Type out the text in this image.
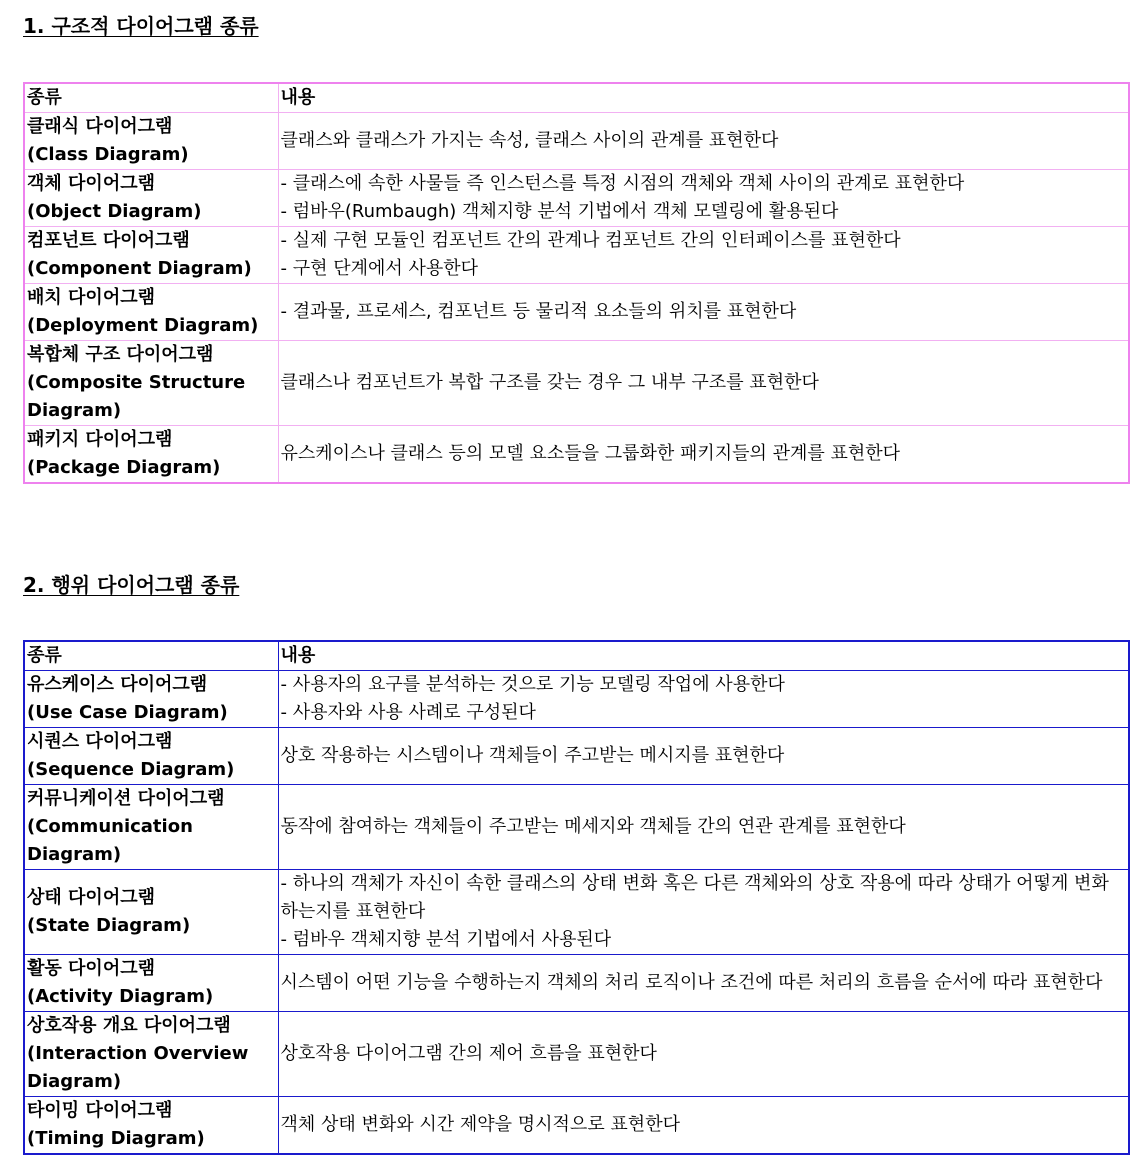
1. 구조적 다이어그램 종류
종류	내용

클래식 다이어그램
(Class Diagram)	클래스와 클래스가 가지는 속성, 클래스 사이의 관계를 표현한다

객체 다이어그램
(Object Diagram)	- 클래스에 속한 사물들 즉 인스턴스를 특정 시점의 객체와 객체 사이의 관계로 표현한다
- 럼바우(Rumbaugh) 객체지향 분석 기법에서 객체 모델링에 활용된다

컴포넌트 다이어그램
(Component Diagram)	- 실제 구현 모듈인 컴포넌트 간의 관계나 컴포넌트 간의 인터페이스를 표현한다
- 구현 단계에서 사용한다

배치 다이어그램
(Deployment Diagram)	- 결과물, 프로세스, 컴포넌트 등 물리적 요소들의 위치를 표현한다

복합체 구조 다이어그램
(Composite Structure Diagram)	클래스나 컴포넌트가 복합 구조를 갖는 경우 그 내부 구조를 표현한다

패키지 다이어그램
(Package Diagram)	유스케이스나 클래스 등의 모델 요소들을 그룹화한 패키지들의 관계를 표현한다
2. 행위 다이어그램 종류
종류	내용

유스케이스 다이어그램
(Use Case Diagram)	- 사용자의 요구를 분석하는 것으로 기능 모델링 작업에 사용한다
- 사용자와 사용 사례로 구성된다

시퀀스 다이어그램
(Sequence Diagram)	상호 작용하는 시스템이나 객체들이 주고받는 메시지를 표현한다

커뮤니케이션 다이어그램
(Communication Diagram)	동작에 참여하는 객체들이 주고받는 메세지와 객체들 간의 연관 관계를 표현한다

상태 다이어그램
(State Diagram)	- 하나의 객체가 자신이 속한 클래스의 상태 변화 혹은 다른 객체와의 상호 작용에 따라 상태가 어떻게 변화하는지를 표현한다
- 럼바우 객체지향 분석 기법에서 사용된다

활동 다이어그램
(Activity Diagram)	시스템이 어떤 기능을 수행하는지 객체의 처리 로직이나 조건에 따른 처리의 흐름을 순서에 따라 표현한다

상호작용 개요 다이어그램
(Interaction Overview Diagram)	상호작용 다이어그램 간의 제어 흐름을 표현한다

타이밍 다이어그램
(Timing Diagram)	객체 상태 변화와 시간 제약을 명시적으로 표현한다
